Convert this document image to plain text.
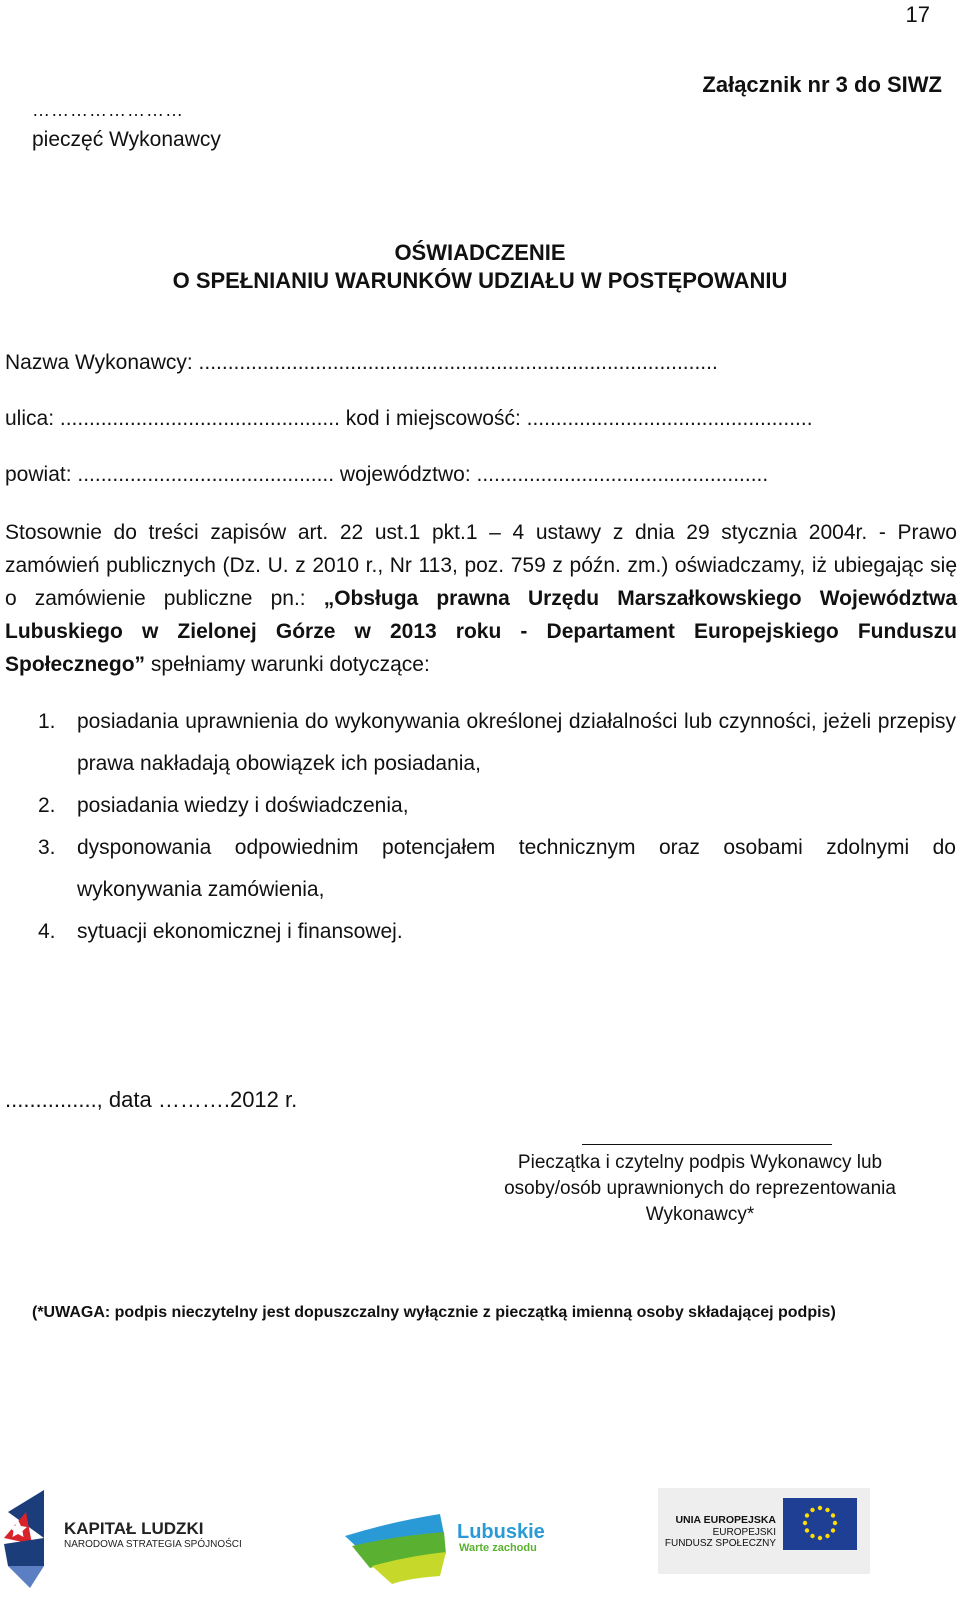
17
Załącznik nr 3 do SIWZ
……………………
pieczęć Wykonawcy
OŚWIADCZENIE
O SPEŁNIANIU WARUNKÓW UDZIAŁU W POSTĘPOWANIU
Nazwa Wykonawcy: .........................................................................................
ulica: ................................................ kod i miejscowość: .................................................
powiat: ............................................ województwo: ..................................................
Stosownie do treści zapisów art. 22 ust.1 pkt.1 – 4 ustawy z dnia 29 stycznia 2004r. - Prawo zamówień publicznych (Dz. U. z 2010 r., Nr 113, poz. 759 z późn. zm.) oświadczamy, iż ubiegając się o zamówienie publiczne pn.: „Obsługa prawna Urzędu Marszałkowskiego Województwa Lubuskiego w Zielonej Górze w 2013 roku - Departament Europejskiego Funduszu Społecznego” spełniamy warunki dotyczące:
1.	posiadania uprawnienia do wykonywania określonej działalności lub czynności, jeżeli przepisy prawa nakładają obowiązek ich posiadania,
2.	posiadania wiedzy i doświadczenia,
3.	dysponowania odpowiednim potencjałem technicznym oraz osobami zdolnymi do wykonywania zamówienia,
4.	sytuacji ekonomicznej i finansowej.
..............., data ……….2012 r.
Pieczątka i czytelny podpis Wykonawcy lub
osoby/osób uprawnionych do reprezentowania
Wykonawcy*
(*UWAGA: podpis nieczytelny jest dopuszczalny wyłącznie z pieczątką imienną osoby składającej podpis)
KAPITAŁ LUDZKI
NARODOWA STRATEGIA SPÓJNOŚCI
Lubuskie
Warte zachodu
UNIA EUROPEJSKA
EUROPEJSKI
FUNDUSZ SPOŁECZNY
